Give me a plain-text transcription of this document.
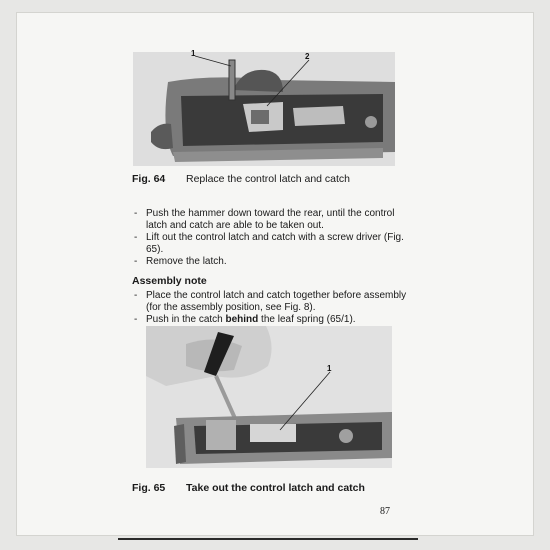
1	2
Fig. 64 Replace the control latch and catch
- Push the hammer down toward the rear, until the control latch and catch are able to be taken out.
- Lift out the control latch and catch with a screw driver (Fig. 65).
- Remove the latch.
Assembly note
- Place the control latch and catch together before assembly (for the assembly position, see Fig. 8).
- Push in the catch behind the leaf spring (65/1).
1
Fig. 65 Take out the control latch and catch
87
